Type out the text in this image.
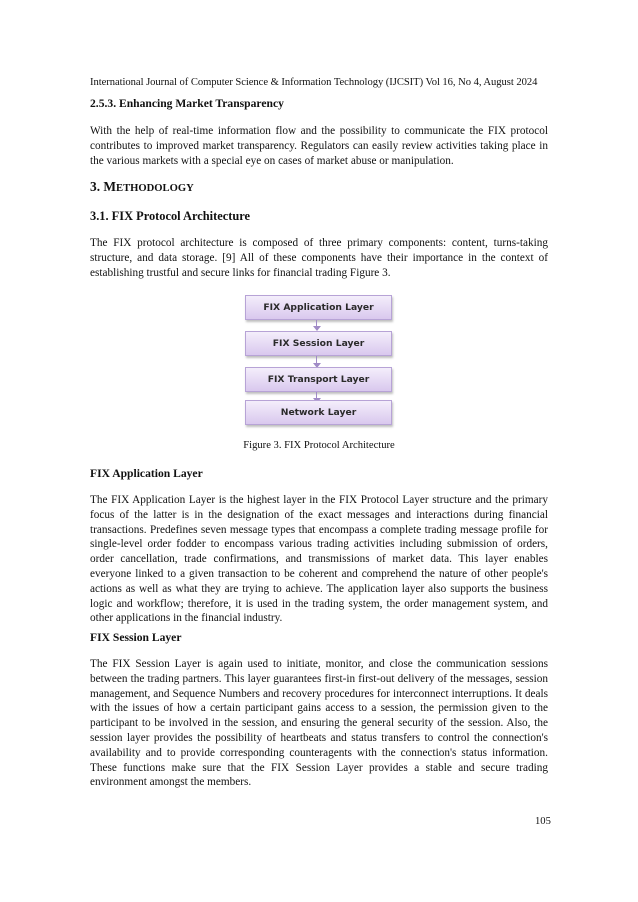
International Journal of Computer Science & Information Technology (IJCSIT) Vol 16, No 4, August 2024
2.5.3. Enhancing Market Transparency
With the help of real-time information flow and the possibility to communicate the FIX protocol contributes to improved market transparency. Regulators can easily review activities taking place in the various markets with a special eye on cases of market abuse or manipulation.
3. METHODOLOGY
3.1. FIX Protocol Architecture
The FIX protocol architecture is composed of three primary components: content, turns-taking structure, and data storage. [9] All of these components have their importance in the context of establishing trustful and secure links for financial trading Figure 3.
FIX Application Layer
FIX Session Layer
FIX Transport Layer
Network Layer
Figure 3. FIX Protocol Architecture
FIX Application Layer
The FIX Application Layer is the highest layer in the FIX Protocol Layer structure and the primary focus of the latter is in the designation of the exact messages and interactions during financial transactions. Predefines seven message types that encompass a complete trading message profile for single-level order fodder to encompass various trading activities including submission of orders, order cancellation, trade confirmations, and transmissions of market data. This layer enables everyone linked to a given transaction to be coherent and comprehend the nature of other people's actions as well as what they are trying to achieve. The application layer also supports the business logic and workflow; therefore, it is used in the trading system, the order management system, and other applications in the financial industry.
FIX Session Layer
The FIX Session Layer is again used to initiate, monitor, and close the communication sessions between the trading partners. This layer guarantees first-in first-out delivery of the messages, session management, and Sequence Numbers and recovery procedures for interconnect interruptions. It deals with the issues of how a certain participant gains access to a session, the permission given to the participant to be involved in the session, and ensuring the general security of the session. Also, the session layer provides the possibility of heartbeats and status transfers to control the connection's availability and to provide corresponding counteragents with the connection's status information. These functions make sure that the FIX Session Layer provides a stable and secure trading environment amongst the members.
105
